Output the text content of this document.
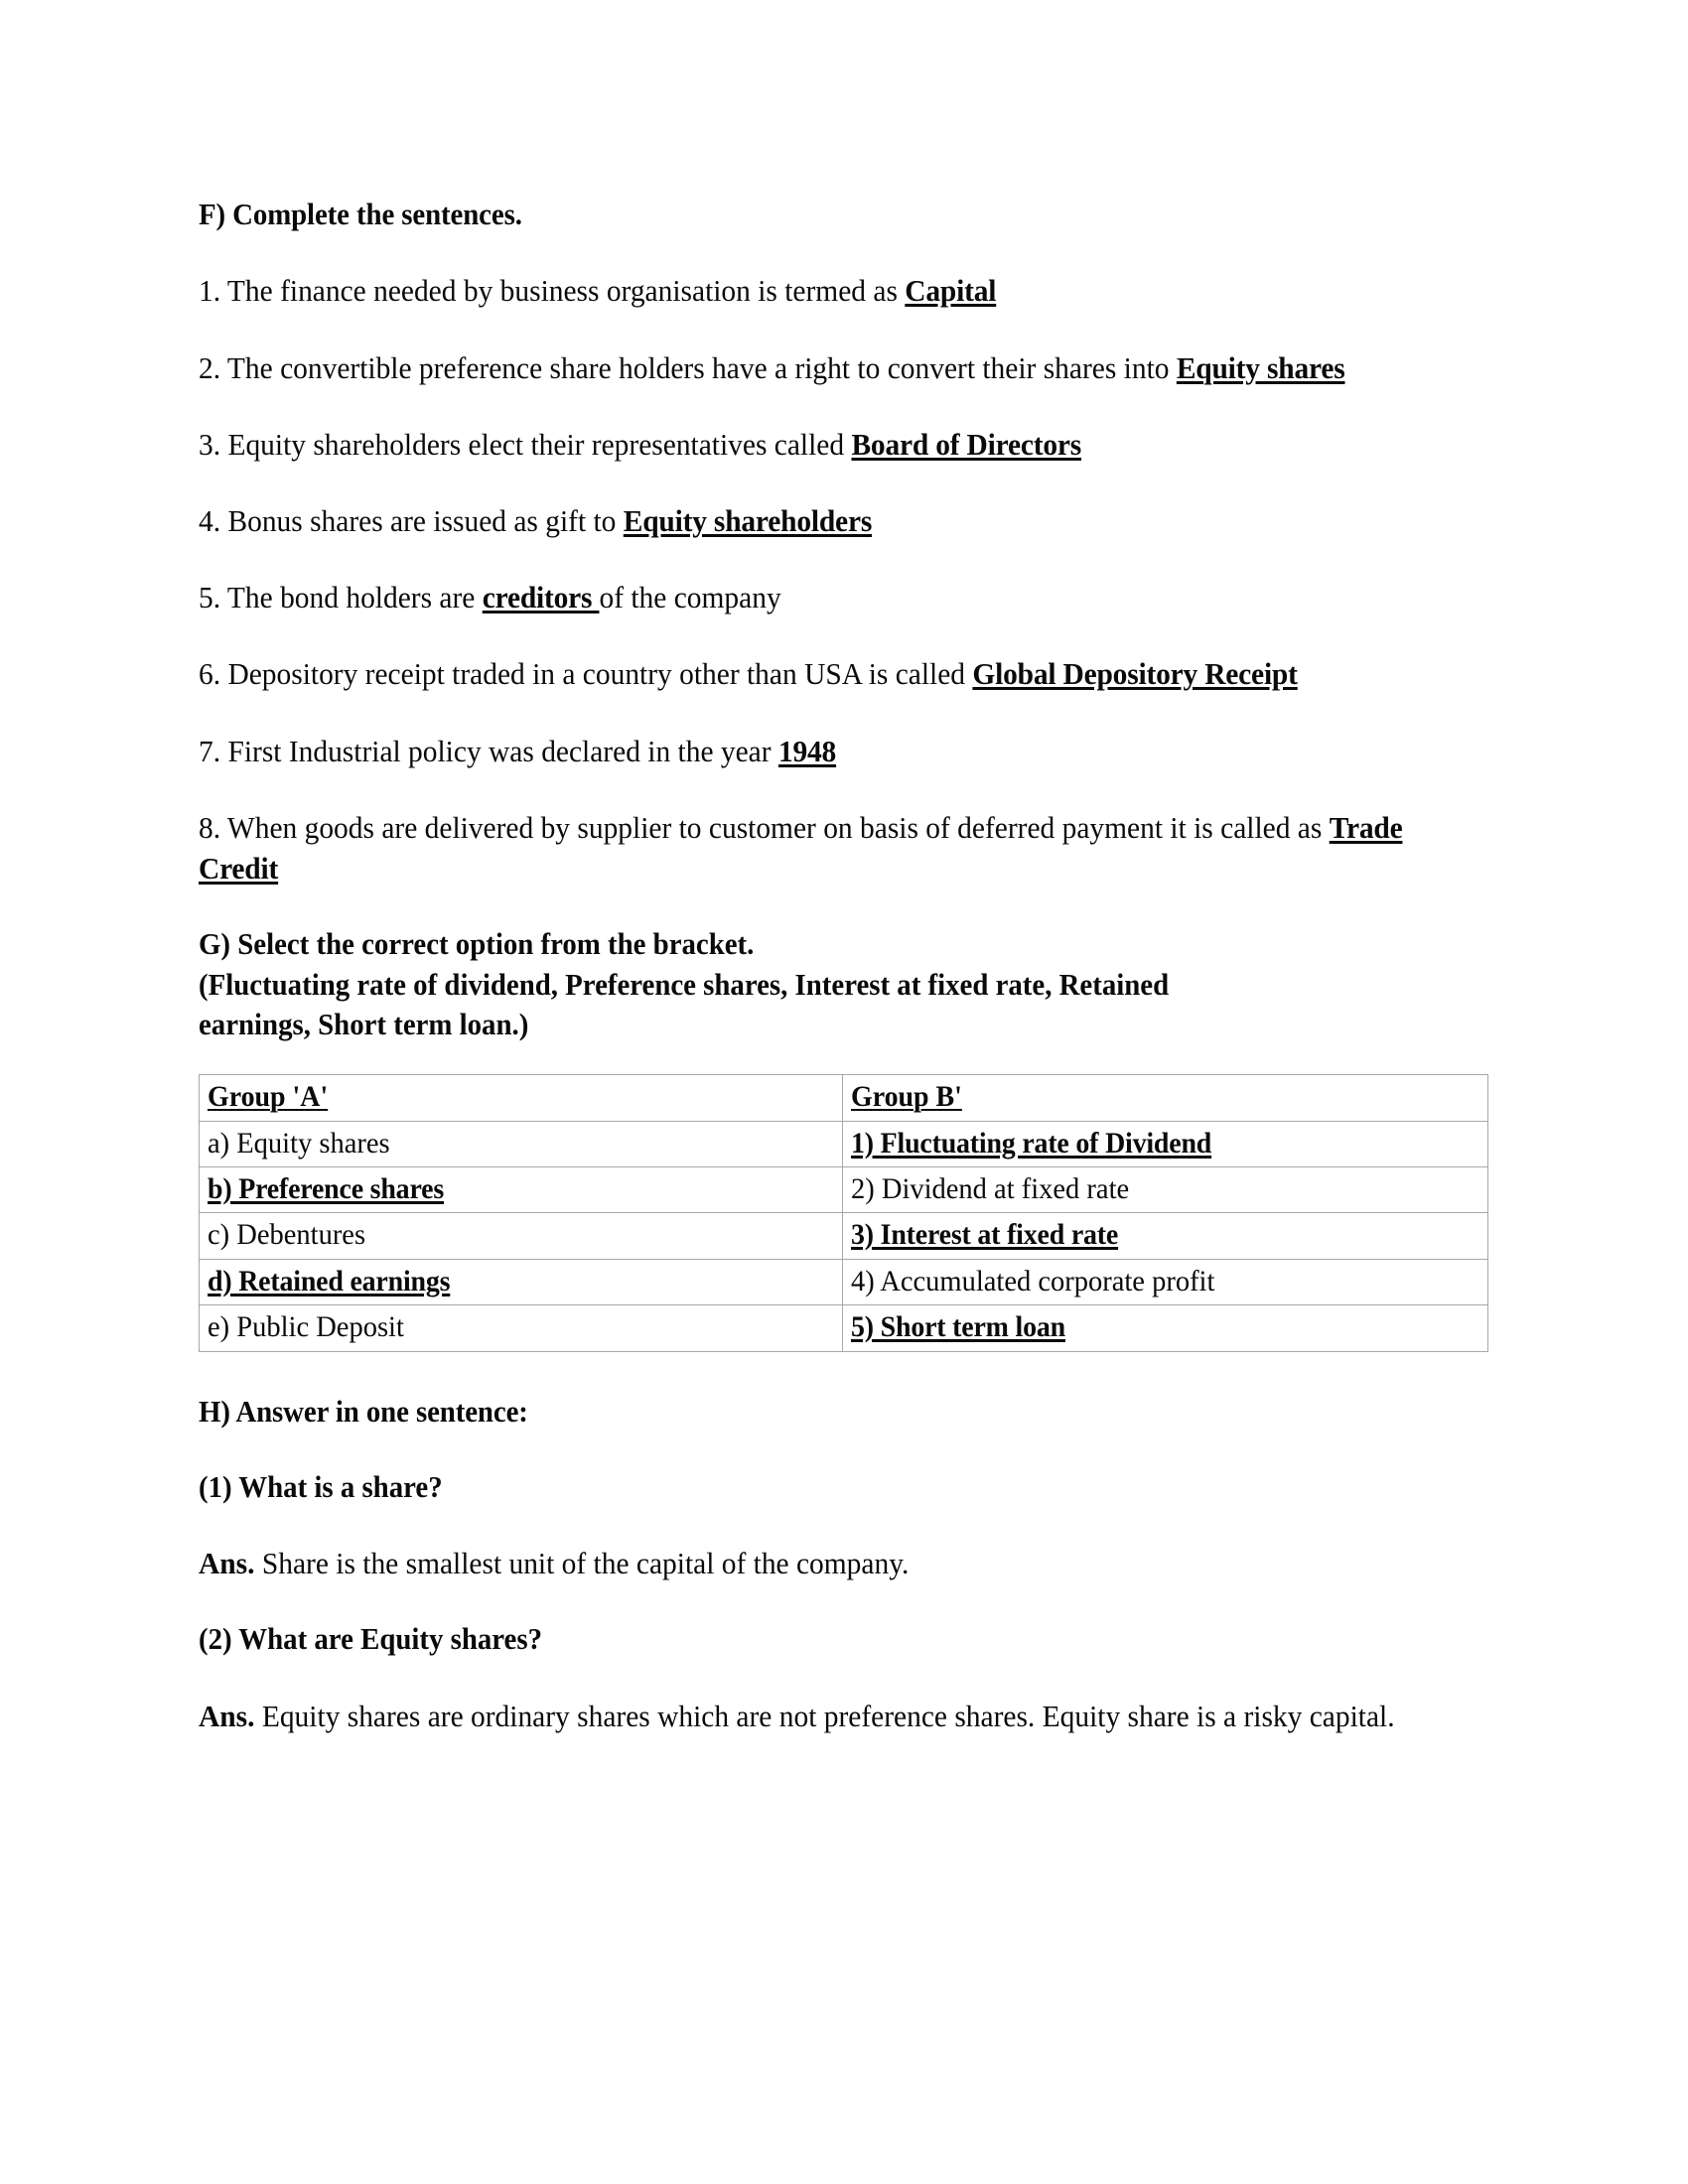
F) Complete the sentences.

1. The finance needed by business organisation is termed as Capital

2. The convertible preference share holders have a right to convert their shares into Equity shares

3. Equity shareholders elect their representatives called Board of Directors

4. Bonus shares are issued as gift to Equity shareholders

5. The bond holders are creditors of the company

6. Depository receipt traded in a country other than USA is called Global Depository Receipt

7. First Industrial policy was declared in the year 1948

8. When goods are delivered by supplier to customer on basis of deferred payment it is called as Trade Credit

G) Select the correct option from the bracket.
(Fluctuating rate of dividend, Preference shares, Interest at fixed rate, Retained
earnings, Short term loan.)
Group 'A'	Group B'

a) Equity shares	1) Fluctuating rate of Dividend

b) Preference shares	2) Dividend at fixed rate

c) Debentures	3) Interest at fixed rate

d) Retained earnings	4) Accumulated corporate profit

e) Public Deposit	5) Short term loan
H) Answer in one sentence:
(1) What is a share?

Ans. Share is the smallest unit of the capital of the company.

(2) What are Equity shares?

Ans. Equity shares are ordinary shares which are not preference shares. Equity share is a risky capital.
